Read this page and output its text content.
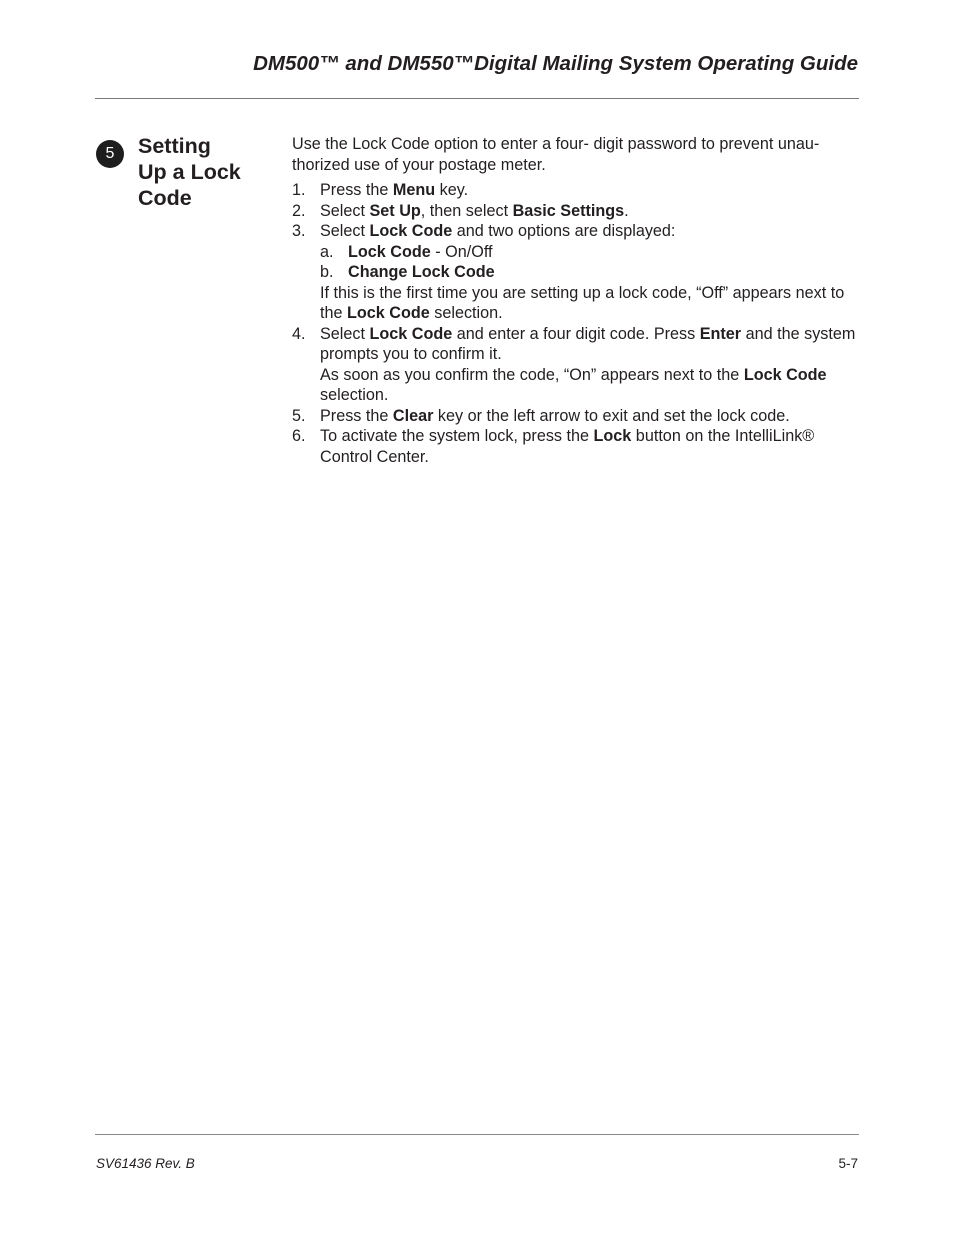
DM500™ and DM550™Digital Mailing System Operating Guide
5	Setting
Up a Lock
Code

Use the Lock Code option to enter a four- digit password to prevent unau-thorized use of your postage meter.

1. Press the Menu key.

2. Select Set Up, then select Basic Settings.

3. Select Lock Code and two options are displayed:

a. Lock Code - On/Off

b. Change Lock Code

If this is the first time you are setting up a lock code, “Off” appears next to the Lock Code selection.

4. Select Lock Code and enter a four digit code. Press Enter and the system prompts you to confirm it.

As soon as you confirm the code, “On” appears next to the Lock Code selection.

5. Press the Clear key or the left arrow to exit and set the lock code.

6. To activate the system lock, press the Lock button on the IntelliLink® Control Center.

SV61436 Rev. B	5-7
